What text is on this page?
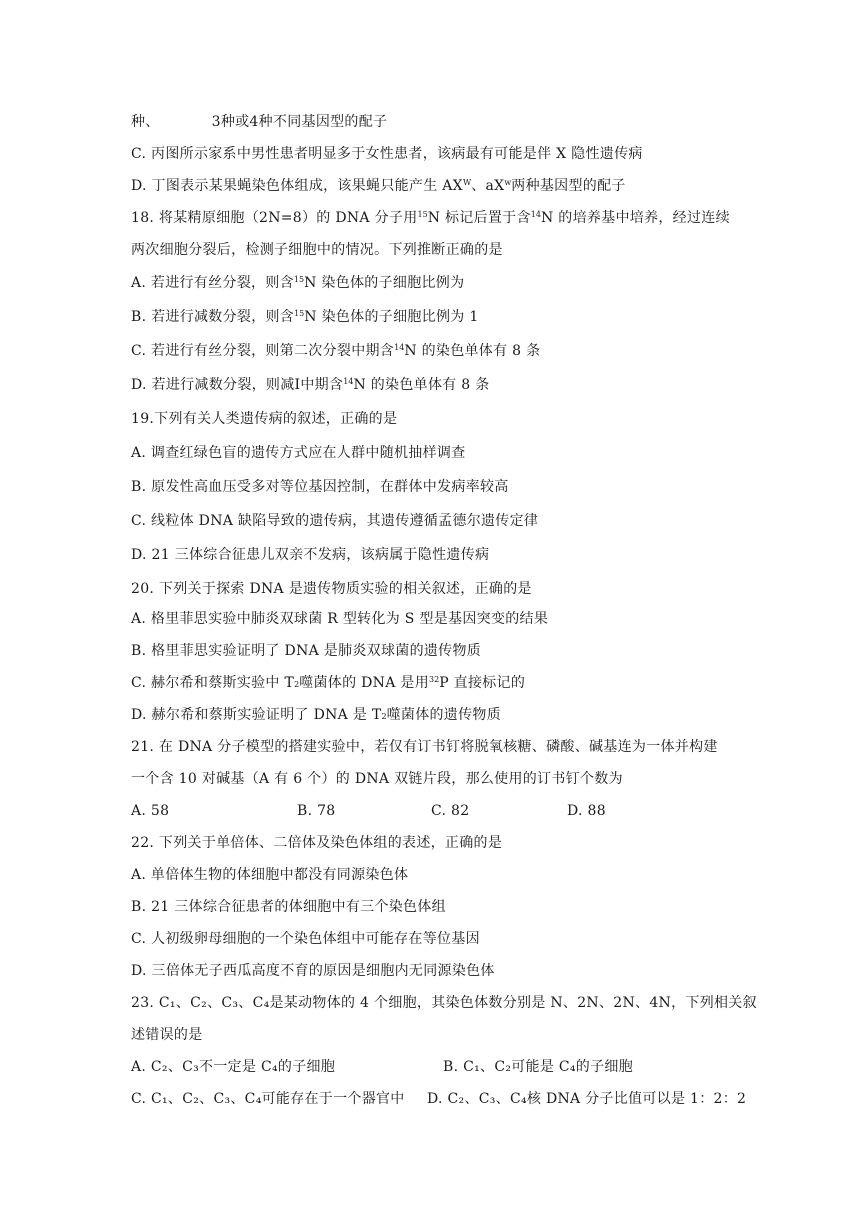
种、	3种或4种不同基因型的配子
C. 丙图所示家系中男性患者明显多于女性患者，该病最有可能是伴 X 隐性遗传病
D. 丁图表示某果蝇染色体组成，该果蝇只能产生 $AX^W$、$aX^w$两种基因型的配子
18. 将某精原细胞（2N=8）的 DNA 分子用$^{15}$N 标记后置于含$^{14}$N 的培养基中培养，经过连续
两次细胞分裂后，检测子细胞中的情况。下列推断正确的是
A. 若进行有丝分裂，则含$^{15}$N 染色体的子细胞比例为
B. 若进行减数分裂，则含$^{15}$N 染色体的子细胞比例为 1
C. 若进行有丝分裂，则第二次分裂中期含$^{14}$N 的染色单体有 8 条
D. 若进行减数分裂，则减Ⅰ中期含$^{14}$N 的染色单体有 8 条
19.下列有关人类遗传病的叙述，正确的是
A. 调查红绿色盲的遗传方式应在人群中随机抽样调查
B. 原发性高血压受多对等位基因控制，在群体中发病率较高
C. 线粒体 DNA 缺陷导致的遗传病，其遗传遵循孟德尔遗传定律
D. 21 三体综合征患儿双亲不发病，该病属于隐性遗传病
20. 下列关于探索 DNA 是遗传物质实验的相关叙述，正确的是
A. 格里菲思实验中肺炎双球菌 R 型转化为 S 型是基因突变的结果
B. 格里菲思实验证明了 DNA 是肺炎双球菌的遗传物质
C. 赫尔希和蔡斯实验中 $T_2$噬菌体的 DNA 是用$^{32}$P 直接标记的
D. 赫尔希和蔡斯实验证明了 DNA 是 $T_2$噬菌体的遗传物质
21. 在 DNA 分子模型的搭建实验中，若仅有订书钉将脱氧核糖、磷酸、碱基连为一体并构建
一个含 10 对碱基（A 有 6 个）的 DNA 双链片段，那么使用的订书钉个数为
A. 58	B. 78	C. 82	D. 88
22. 下列关于单倍体、二倍体及染色体组的表述，正确的是
A. 单倍体生物的体细胞中都没有同源染色体
B. 21 三体综合征患者的体细胞中有三个染色体组
C. 人初级卵母细胞的一个染色体组中可能存在等位基因
D. 三倍体无子西瓜高度不育的原因是细胞内无同源染色体
23. C₁、C₂、C₃、C₄是某动物体的 4 个细胞，其染色体数分别是 N、2N、2N、4N，下列相关叙
述错误的是
A. C₂、C₃不一定是 C₄的子细胞	B. C₁、C₂可能是 C₄的子细胞
C. C₁、C₂、C₃、C₄可能存在于一个器官中 D. C₂、C₃、C₄核 DNA 分子比值可以是 1：2：2
